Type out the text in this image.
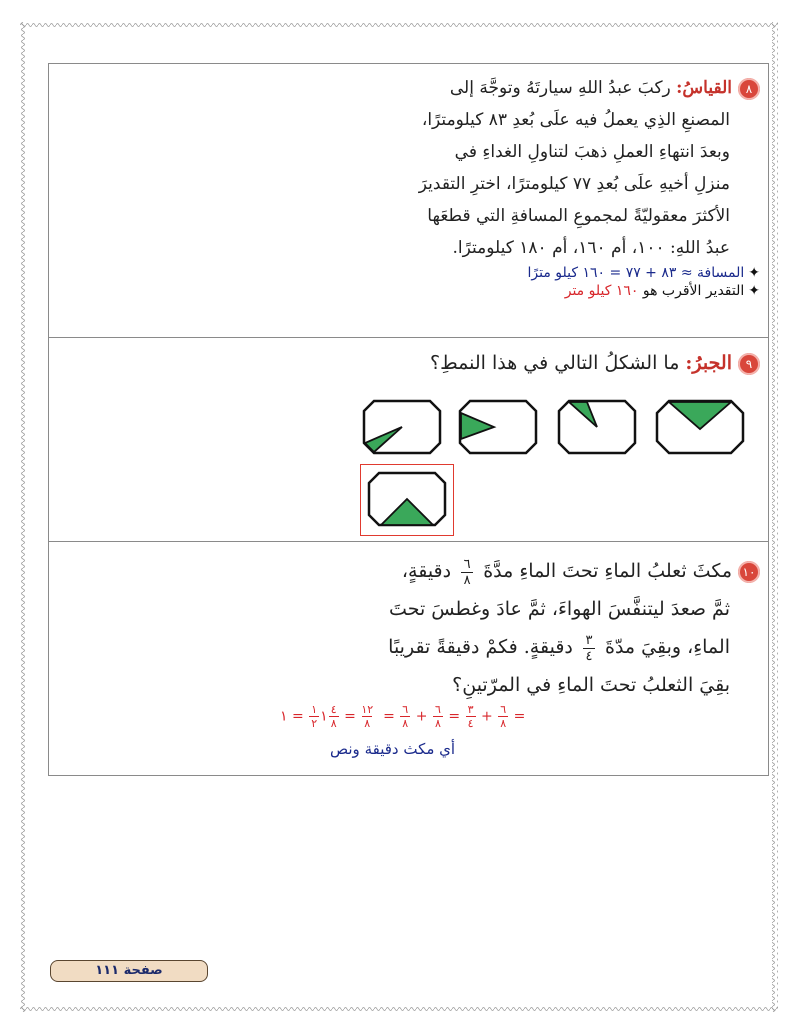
٨القياسُ: ركبَ عبدُ اللهِ سيارتَهُ وتوجَّهَ إلى
المصنعِ الذِي يعملُ فيه علَى بُعدِ ٨٣ كيلومترًا،
وبعدَ انتهاءِ العملِ ذهبَ لتناولِ الغداءِ في
منزلِ أخيهِ علَى بُعدِ ٧٧ كيلومترًا، اخترِ التقديرَ
الأكثرَ معقوليّةً لمجموعِ المسافةِ التي قطعَها
عبدُ اللهِ: ١٠٠، أم ١٦٠، أم ١٨٠ كيلومترًا.
✦المسافة ≈ ٨٣ + ٧٧ = ١٦٠ كيلو مترًا
✦التقدير الأقرب هو ١٦٠ كيلو متر
٩الجبرُ: ما الشكلُ التالي في هذا النمطِ؟
١٠مكثَ ثعلبُ الماءِ تحتَ الماءِ مدَّةَ
$\frac{٦}{٨}$
دقيقةٍ،
ثمَّ صعدَ ليتنفَّسَ الهواءَ، ثمَّ عادَ وغطسَ تحتَ
الماءِ، وبقِيَ مدّةَ
$\frac{٣}{٤}$
دقيقةٍ. فكمْ دقيقةً تقريبًا
بقِيَ الثعلبُ تحتَ الماءِ في المرّتينِ؟
١
$\frac{١}{٢}$
= ١	$\frac{٤}{٨} = \frac{١٢}{٨} = \frac{٦}{٨} + \frac{٦}{٨} = \frac{٣}{٤} + \frac{٦}{٨}$ =
أي مكث دقيقة ونص
صفحة ١١١
